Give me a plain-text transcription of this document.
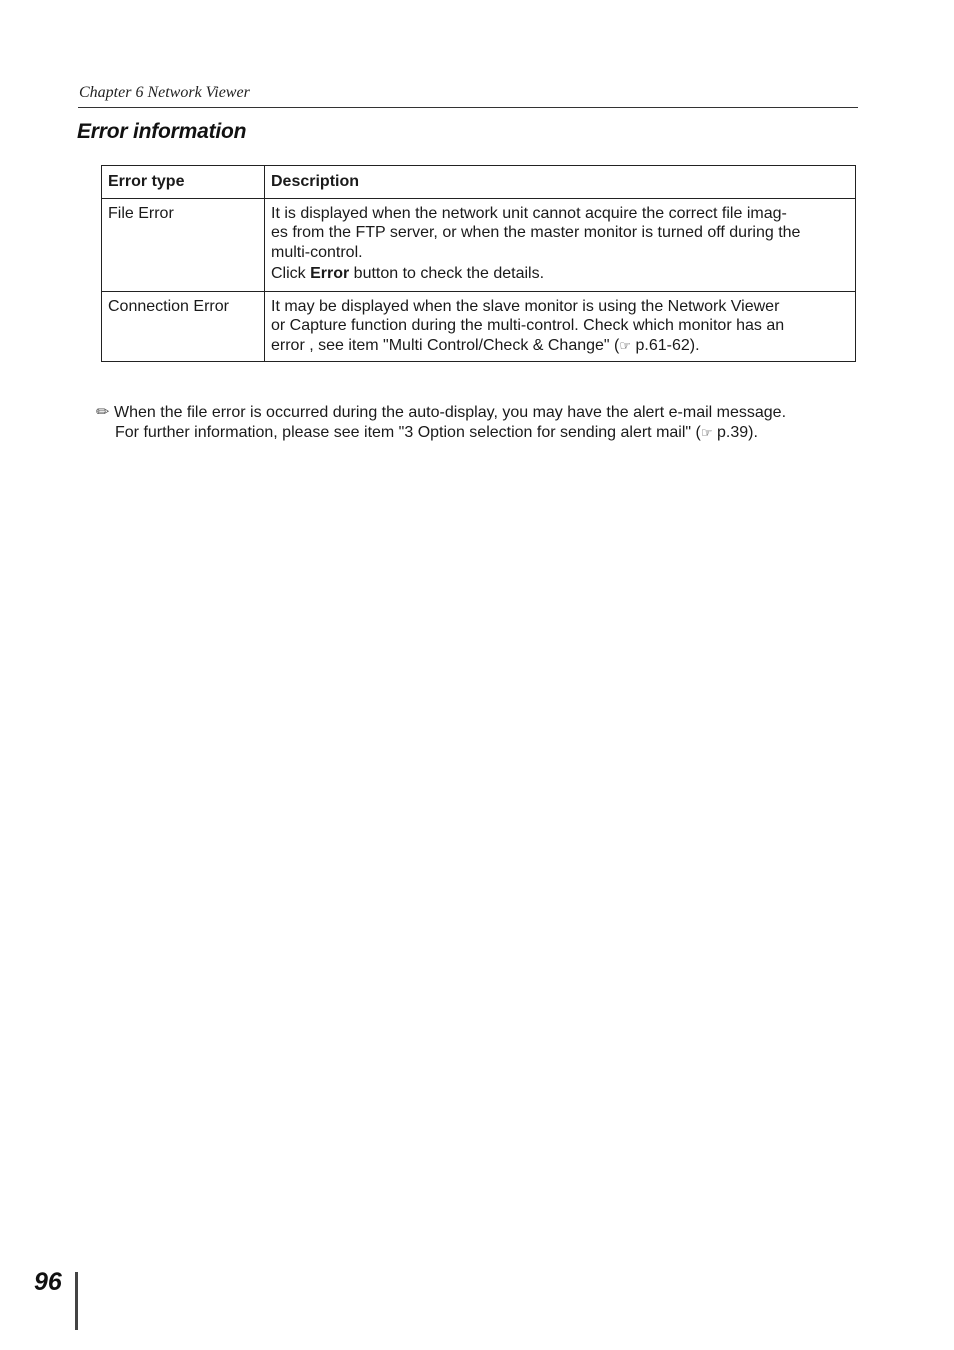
Chapter 6 Network Viewer
Error information
Error type	Description
File Error	It is displayed when the network unit cannot acquire the correct file imag-
es from the FTP server, or when the master monitor is turned off during the
multi-control.
Click Error button to check the details.
Connection Error	It may be displayed when the slave monitor is using the Network Viewer
or Capture function during the multi-control. Check which monitor has an
error , see item "Multi Control/Check & Change" (☞ p.61-62).
✏ When the file error is occurred during the auto-display, you may have the alert e-mail message.
For further information, please see item "3 Option selection for sending alert mail" (☞ p.39).
96
